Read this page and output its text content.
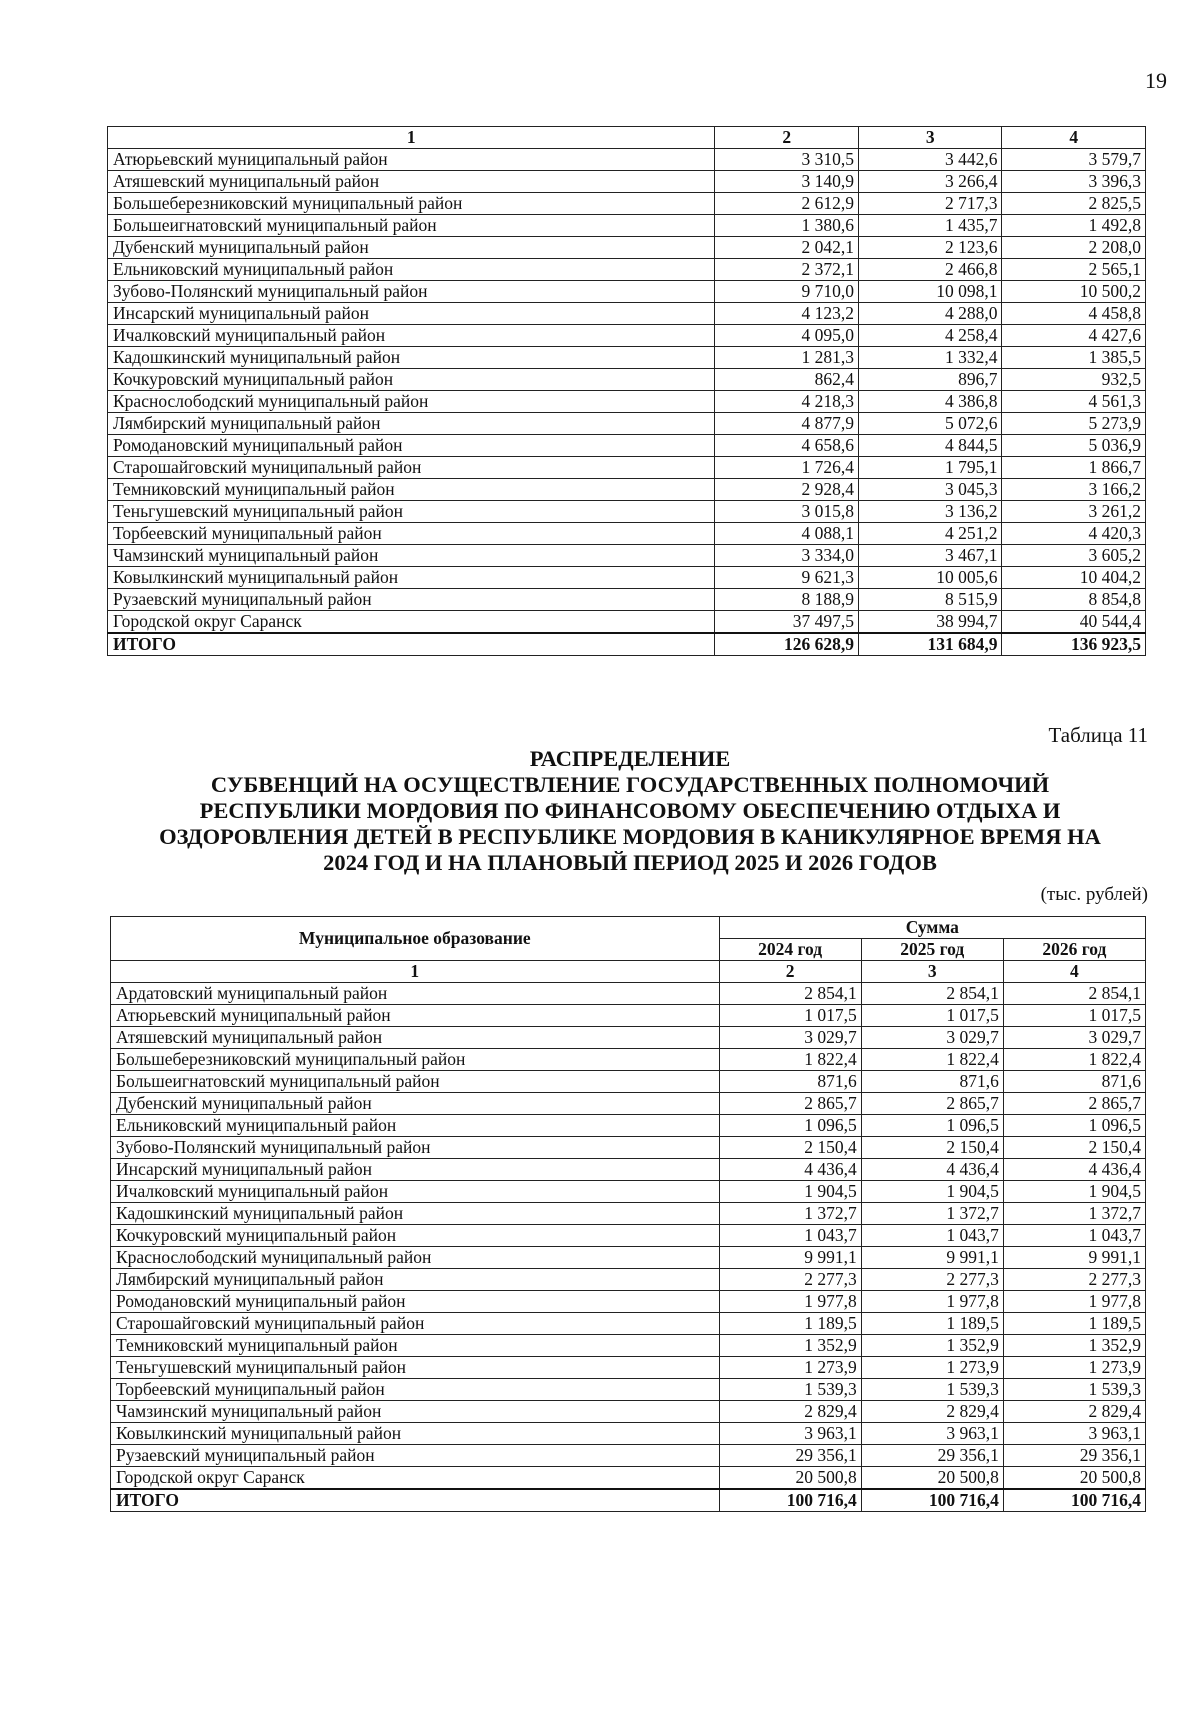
19
1	2	3	4
Атюрьевский муниципальный район	3 310,5	3 442,6	3 579,7
Атяшевский муниципальный район	3 140,9	3 266,4	3 396,3
Большеберезниковский муниципальный район	2 612,9	2 717,3	2 825,5
Большеигнатовский муниципальный район	1 380,6	1 435,7	1 492,8
Дубенский муниципальный район	2 042,1	2 123,6	2 208,0
Ельниковский муниципальный район	2 372,1	2 466,8	2 565,1
Зубово-Полянский муниципальный район	9 710,0	10 098,1	10 500,2
Инсарский муниципальный район	4 123,2	4 288,0	4 458,8
Ичалковский муниципальный район	4 095,0	4 258,4	4 427,6
Кадошкинский муниципальный район	1 281,3	1 332,4	1 385,5
Кочкуровский муниципальный район	862,4	896,7	932,5
Краснослободский муниципальный район	4 218,3	4 386,8	4 561,3
Лямбирский муниципальный район	4 877,9	5 072,6	5 273,9
Ромодановский муниципальный район	4 658,6	4 844,5	5 036,9
Старошайговский муниципальный район	1 726,4	1 795,1	1 866,7
Темниковский муниципальный район	2 928,4	3 045,3	3 166,2
Теньгушевский муниципальный район	3 015,8	3 136,2	3 261,2
Торбеевский муниципальный район	4 088,1	4 251,2	4 420,3
Чамзинский муниципальный район	3 334,0	3 467,1	3 605,2
Ковылкинский муниципальный район	9 621,3	10 005,6	10 404,2
Рузаевский муниципальный район	8 188,9	8 515,9	8 854,8
Городской округ Саранск	37 497,5	38 994,7	40 544,4
ИТОГО	126 628,9	131 684,9	136 923,5
Таблица 11
РАСПРЕДЕЛЕНИЕ
СУБВЕНЦИЙ НА ОСУЩЕСТВЛЕНИЕ ГОСУДАРСТВЕННЫХ ПОЛНОМОЧИЙ
РЕСПУБЛИКИ МОРДОВИЯ ПО ФИНАНСОВОМУ ОБЕСПЕЧЕНИЮ ОТДЫХА И
ОЗДОРОВЛЕНИЯ ДЕТЕЙ В РЕСПУБЛИКЕ МОРДОВИЯ В КАНИКУЛЯРНОЕ ВРЕМЯ НА
2024 ГОД И НА ПЛАНОВЫЙ ПЕРИОД 2025 И 2026 ГОДОВ
(тыс. рублей)
Муниципальное образование	Сумма		
	2024 год	2025 год	2026 год
1	2	3	4
Ардатовский муниципальный район	2 854,1	2 854,1	2 854,1
Атюрьевский муниципальный район	1 017,5	1 017,5	1 017,5
Атяшевский муниципальный район	3 029,7	3 029,7	3 029,7
Большеберезниковский муниципальный район	1 822,4	1 822,4	1 822,4
Большеигнатовский муниципальный район	871,6	871,6	871,6
Дубенский муниципальный район	2 865,7	2 865,7	2 865,7
Ельниковский муниципальный район	1 096,5	1 096,5	1 096,5
Зубово-Полянский муниципальный район	2 150,4	2 150,4	2 150,4
Инсарский муниципальный район	4 436,4	4 436,4	4 436,4
Ичалковский муниципальный район	1 904,5	1 904,5	1 904,5
Кадошкинский муниципальный район	1 372,7	1 372,7	1 372,7
Кочкуровский муниципальный район	1 043,7	1 043,7	1 043,7
Краснослободский муниципальный район	9 991,1	9 991,1	9 991,1
Лямбирский муниципальный район	2 277,3	2 277,3	2 277,3
Ромодановский муниципальный район	1 977,8	1 977,8	1 977,8
Старошайговский муниципальный район	1 189,5	1 189,5	1 189,5
Темниковский муниципальный район	1 352,9	1 352,9	1 352,9
Теньгушевский муниципальный район	1 273,9	1 273,9	1 273,9
Торбеевский муниципальный район	1 539,3	1 539,3	1 539,3
Чамзинский муниципальный район	2 829,4	2 829,4	2 829,4
Ковылкинский муниципальный район	3 963,1	3 963,1	3 963,1
Рузаевский муниципальный район	29 356,1	29 356,1	29 356,1
Городской округ Саранск	20 500,8	20 500,8	20 500,8
ИТОГО	100 716,4	100 716,4	100 716,4
